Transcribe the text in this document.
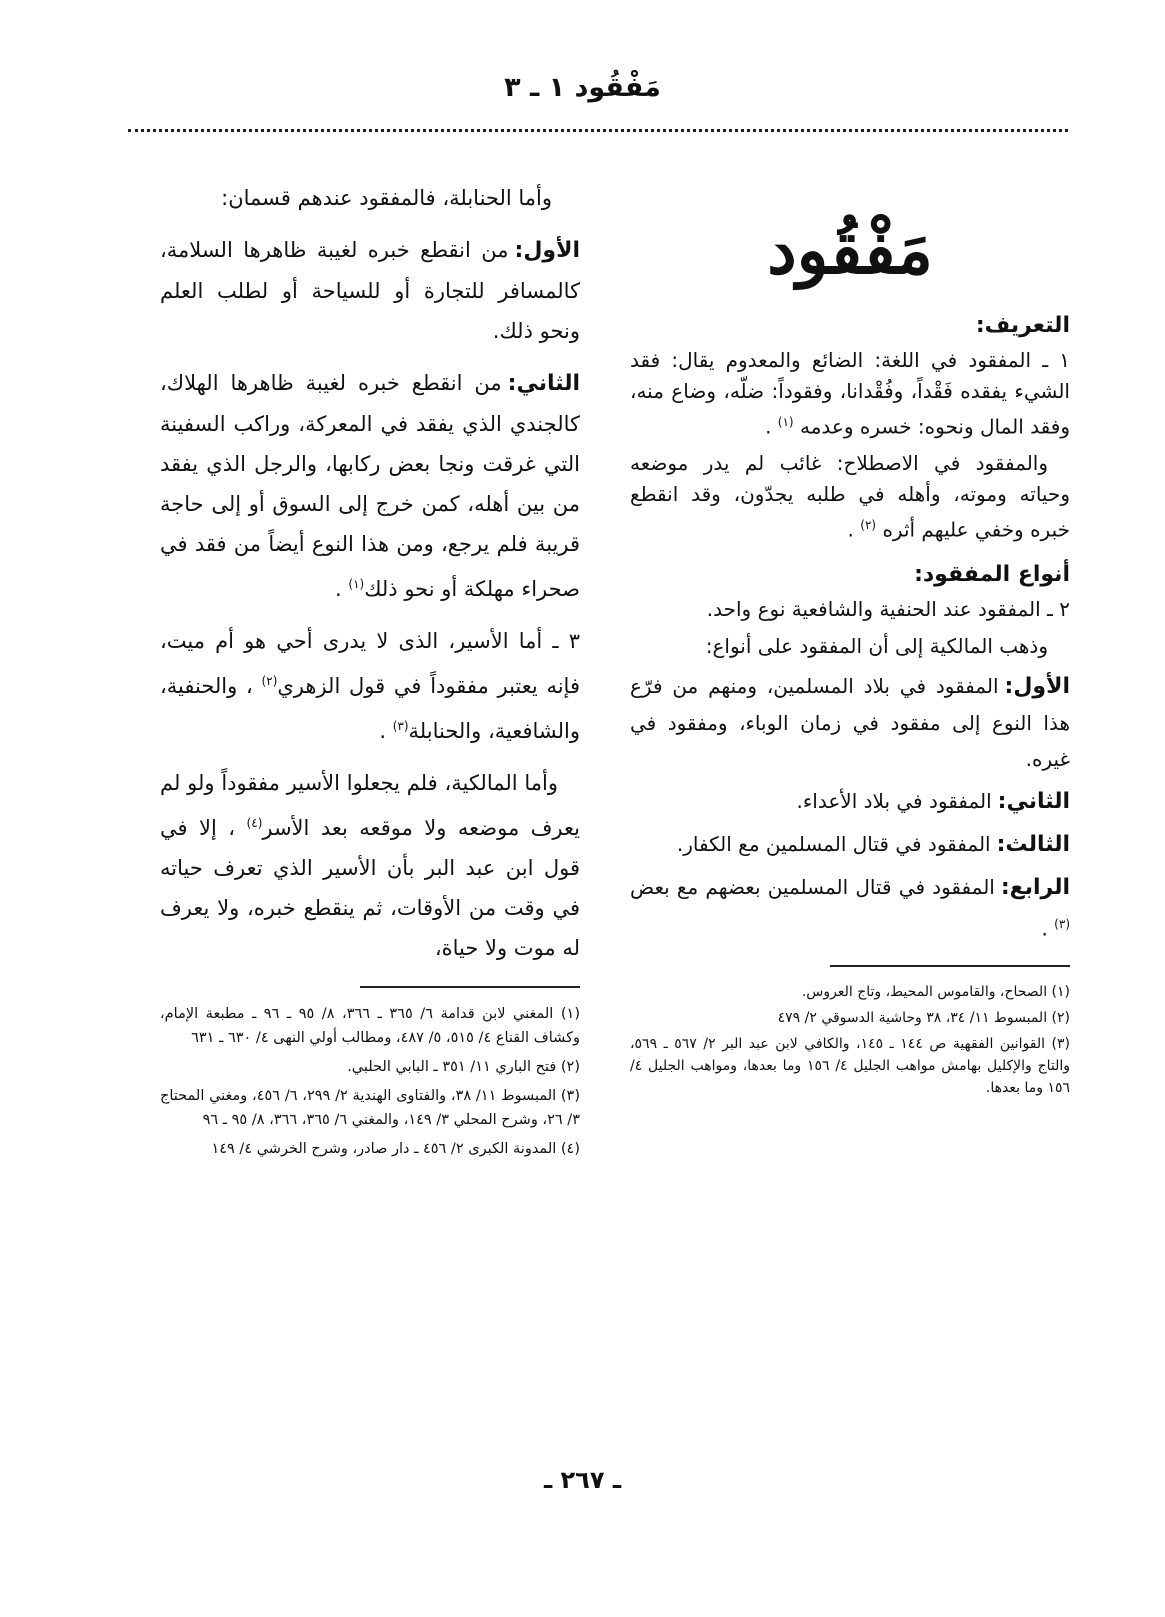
مَفْقُود ١ ـ ٣
مَفْقُود
التعريف:

١ ـ المفقود في اللغة: الضائع والمعدوم يقال: فقد الشيء يفقده فَقْداً، وفُقْدانا، وفقوداً: ضلّه، وضاع منه، وفقد المال ونحوه: خسره وعدمه $^{(١)}$ .

والمفقود في الاصطلاح: غائب لم يدر موضعه وحياته وموته، وأهله في طلبه يجدّون، وقد انقطع خبره وخفي عليهم أثره $^{(٢)}$ .

أنواع المفقود:

٢ ـ المفقود عند الحنفية والشافعية نوع واحد.

وذهب المالكية إلى أن المفقود على أنواع:

الأول:المفقود في بلاد المسلمين، ومنهم من فرّع هذا النوع إلى مفقود في زمان الوباء، ومفقود في غيره.

الثاني:المفقود في بلاد الأعداء.

الثالث:المفقود في قتال المسلمين مع الكفار.

الرابع:المفقود في قتال المسلمين بعضهم مع بعض $^{(٣)}$ .

(١) الصحاح، والقاموس المحيط، وتاج العروس.

(٢) المبسوط ١١/ ٣٤، ٣٨ وحاشية الدسوقي ٢/ ٤٧٩

(٣) القوانين الفقهية ص ١٤٤ ـ ١٤٥، والكافي لابن عبد البر ٢/ ٥٦٧ ـ ٥٦٩، والتاج والإكليل بهامش مواهب الجليل ٤/ ١٥٦ وما بعدها، ومواهب الجليل ٤/ ١٥٦ وما بعدها.

وأما الحنابلة، فالمفقود عندهم قسمان:

الأول:من انقطع خبره لغيبة ظاهرها السلامة، كالمسافر للتجارة أو للسياحة أو لطلب العلم ونحو ذلك.

الثاني:من انقطع خبره لغيبة ظاهرها الهلاك، كالجندي الذي يفقد في المعركة، وراكب السفينة التي غرقت ونجا بعض ركابها، والرجل الذي يفقد من بين أهله، كمن خرج إلى السوق أو إلى حاجة قريبة فلم يرجع، ومن هذا النوع أيضاً من فقد في صحراء مهلكة أو نحو ذلك$^{(١)}$ .

٣ ـ أما الأسير، الذى لا يدرى أحي هو أم ميت، فإنه يعتبر مفقوداً في قول الزهري$^{(٢)}$ ، والحنفية، والشافعية، والحنابلة$^{(٣)}$ .

وأما المالكية، فلم يجعلوا الأسير مفقوداً ولو لم يعرف موضعه ولا موقعه بعد الأسر$^{(٤)}$ ، إلا في قول ابن عبد البر بأن الأسير الذي تعرف حياته في وقت من الأوقات، ثم ينقطع خبره، ولا يعرف له موت ولا حياة،

(١) المغني لابن قدامة ٦/ ٣٦٥ ـ ٣٦٦، ٨/ ٩٥ ـ ٩٦ ـ مطبعة الإمام، وكشاف القناع ٤/ ٥١٥، ٥/ ٤٨٧، ومطالب أولي النهى ٤/ ٦٣٠ ـ ٦٣١

(٢) فتح الباري ١١/ ٣٥١ ـ البابي الحلبي.

(٣) المبسوط ١١/ ٣٨، والفتاوى الهندية ٢/ ٢٩٩، ٦/ ٤٥٦، ومغني المحتاج ٣/ ٢٦، وشرح المحلي ٣/ ١٤٩، والمغني ٦/ ٣٦٥، ٣٦٦، ٨/ ٩٥ ـ ٩٦

(٤) المدونة الكبرى ٢/ ٤٥٦ ـ دار صادر، وشرح الخرشي ٤/ ١٤٩

ـ ٢٦٧ ـ
